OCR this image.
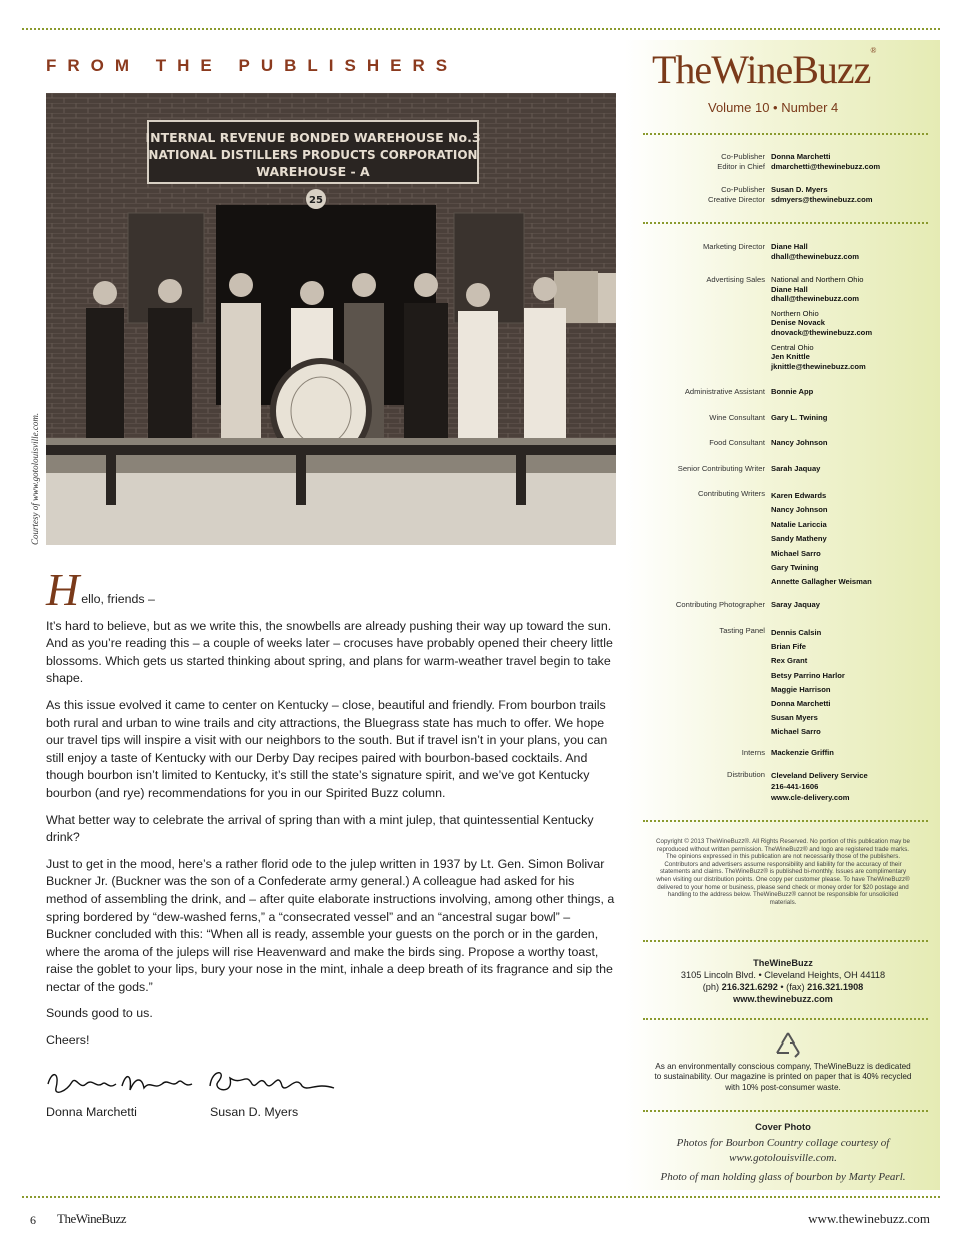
FROM THE PUBLISHERS
INTERNAL REVENUE BONDED WAREHOUSE No.3
NATIONAL DISTILLERS PRODUCTS CORPORATION
WAREHOUSE - A
25
Courtesy of www.gotolouisville.com.

H ello, friends –

It’s hard to believe, but as we write this, the snowbells are already pushing their way up toward the sun. And as you’re reading this – a couple of weeks later – crocuses have probably opened their cheery little blossoms. Which gets us started thinking about spring, and plans for warm-weather travel begin to take shape.

As this issue evolved it came to center on Kentucky – close, beautiful and friendly. From bourbon trails both rural and urban to wine trails and city attractions, the Bluegrass state has much to offer. We hope our travel tips will inspire a visit with our neighbors to the south. But if travel isn’t in your plans, you can still enjoy a taste of Kentucky with our Derby Day recipes paired with bourbon-based cocktails. And though bourbon isn’t limited to Kentucky, it’s still the state’s signature spirit, and we’ve got Kentucky bourbon (and rye) recommendations for you in our Spirited Buzz column.

What better way to celebrate the arrival of spring than with a mint julep, that quintessential Kentucky drink?

Just to get in the mood, here’s a rather florid ode to the julep written in 1937 by Lt. Gen. Simon Bolivar Buckner Jr. (Buckner was the son of a Confederate army general.) A colleague had asked for his method of assembling the drink, and – after quite elaborate instructions involving, among other things, a spring bordered by “dew-washed ferns,” a “consecrated vessel” and an “ancestral sugar bowl” – Buckner concluded with this: “When all is ready, assemble your guests on the porch or in the garden, where the aroma of the juleps will rise Heavenward and make the birds sing. Propose a worthy toast, raise the goblet to your lips, bury your nose in the mint, inhale a deep breath of its fragrance and sip the nectar of the gods.”

Sounds good to us.

Cheers!

Donna Marchetti	Susan D. Myers
TheWineBuzz®
Volume 10 • Number 4
Co-Publisher
Editor in Chief
Donna Marchetti
dmarchetti@thewinebuzz.com
Co-Publisher
Creative Director
Susan D. Myers
sdmyers@thewinebuzz.com
Marketing Director Diane Hall
dhall@thewinebuzz.com
Advertising Sales National and Northern Ohio
Diane Hall
dhall@thewinebuzz.com
Northern Ohio
Denise Novack
dnovack@thewinebuzz.com
Central Ohio
Jen Knittle
jknittle@thewinebuzz.com
Administrative Assistant Bonnie App
Wine Consultant Gary L. Twining
Food Consultant Nancy Johnson
Senior Contributing Writer Sarah Jaquay
Contributing Writers Karen Edwards
Nancy Johnson
Natalie Lariccia
Sandy Matheny
Michael Sarro
Gary Twining
Annette Gallagher Weisman
Contributing Photographer Saray Jaquay
Tasting Panel Dennis Calsin
Brian Fife
Rex Grant
Betsy Parrino Harlor
Maggie Harrison
Donna Marchetti
Susan Myers
Michael Sarro
Interns Mackenzie Griffin
Distribution Cleveland Delivery Service
216-441-1606
www.cle-delivery.com
Copyright © 2013 TheWineBuzz®. All Rights Reserved. No portion of this publication may be reproduced without written permission. TheWineBuzz® and logo are registered trade marks. The opinions expressed in this publication are not necessarily those of the publishers. Contributors and advertisers assume responsibility and liability for the accuracy of their statements and claims. TheWineBuzz® is published bi-monthly. Issues are complimentary when visiting our distribution points. One copy per customer please. To have TheWineBuzz® delivered to your home or business, please send check or money order for $20 postage and handling to the address below. TheWineBuzz® cannot be responsible for unsolicited materials.
TheWineBuzz
3105 Lincoln Blvd. • Cleveland Heights, OH 44118
(ph) 216.321.6292 • (fax) 216.321.1908
www.thewinebuzz.com
As an environmentally conscious company, TheWineBuzz is dedicated to sustainability. Our magazine is printed on paper that is 40% recycled with 10% post-consumer waste.
Cover Photo
Photos for Bourbon Country collage courtesy of www.gotolouisville.com.
Photo of man holding glass of bourbon by Marty Pearl.
6 TheWineBuzz	www.thewinebuzz.com
